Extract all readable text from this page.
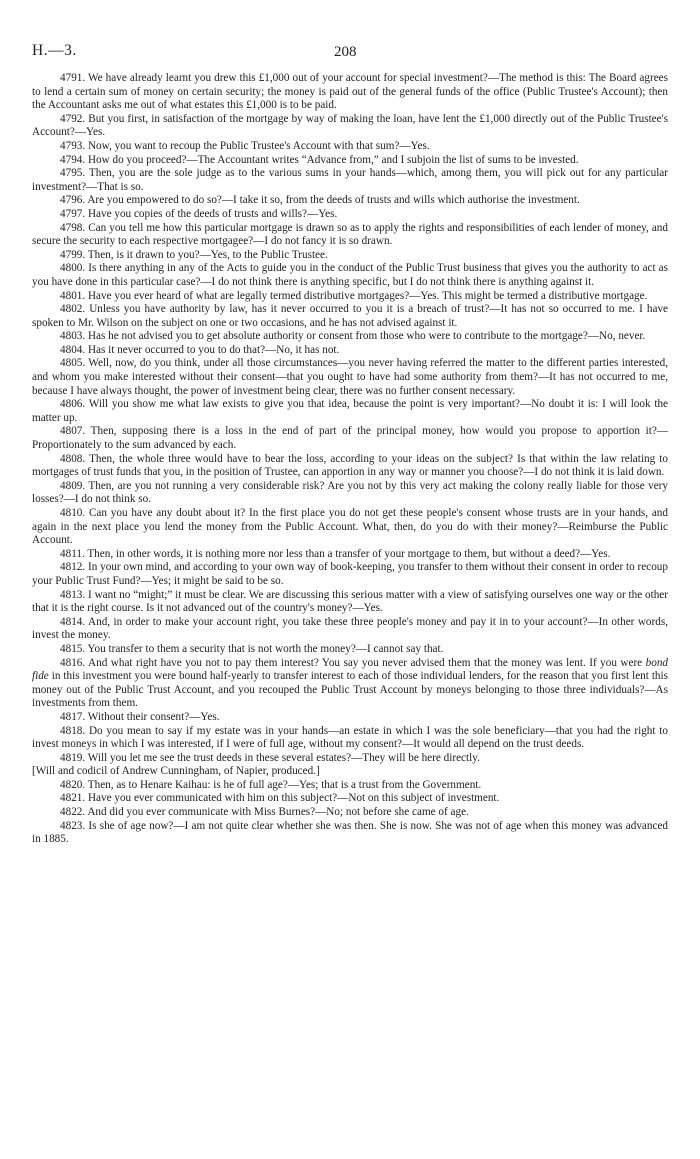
H.—3.	208

4791. We have already learnt you drew this £1,000 out of your account for special investment?—The method is this: The Board agrees to lend a certain sum of money on certain security; the money is paid out of the general funds of the office (Public Trustee's Account); then the Accountant asks me out of what estates this £1,000 is to be paid.

4792. But you first, in satisfaction of the mortgage by way of making the loan, have lent the £1,000 directly out of the Public Trustee's Account?—Yes.

4793. Now, you want to recoup the Public Trustee's Account with that sum?—Yes.

4794. How do you proceed?—The Accountant writes “Advance from,” and I subjoin the list of sums to be invested.

4795. Then, you are the sole judge as to the various sums in your hands—which, among them, you will pick out for any particular investment?—That is so.

4796. Are you empowered to do so?—I take it so, from the deeds of trusts and wills which authorise the investment.

4797. Have you copies of the deeds of trusts and wills?—Yes.

4798. Can you tell me how this particular mortgage is drawn so as to apply the rights and responsibilities of each lender of money, and secure the security to each respective mortgagee?—I do not fancy it is so drawn.

4799. Then, is it drawn to you?—Yes, to the Public Trustee.

4800. Is there anything in any of the Acts to guide you in the conduct of the Public Trust business that gives you the authority to act as you have done in this particular case?—I do not think there is anything specific, but I do not think there is anything against it.

4801. Have you ever heard of what are legally termed distributive mortgages?—Yes. This might be termed a distributive mortgage.

4802. Unless you have authority by law, has it never occurred to you it is a breach of trust?—It has not so occurred to me. I have spoken to Mr. Wilson on the subject on one or two occasions, and he has not advised against it.

4803. Has he not advised you to get absolute authority or consent from those who were to contribute to the mortgage?—No, never.

4804. Has it never occurred to you to do that?—No, it has not.

4805. Well, now, do you think, under all those circumstances—you never having referred the matter to the different parties interested, and whom you make interested without their consent—that you ought to have had some authority from them?—It has not occurred to me, because I have always thought, the power of investment being clear, there was no further consent necessary.

4806. Will you show me what law exists to give you that idea, because the point is very important?—No doubt it is: I will look the matter up.

4807. Then, supposing there is a loss in the end of part of the principal money, how would you propose to apportion it?—Proportionately to the sum advanced by each.

4808. Then, the whole three would have to bear the loss, according to your ideas on the subject? Is that within the law relating to mortgages of trust funds that you, in the position of Trustee, can apportion in any way or manner you choose?—I do not think it is laid down.

4809. Then, are you not running a very considerable risk? Are you not by this very act making the colony really liable for those very losses?—I do not think so.

4810. Can you have any doubt about it? In the first place you do not get these people's consent whose trusts are in your hands, and again in the next place you lend the money from the Public Account. What, then, do you do with their money?—Reimburse the Public Account.

4811. Then, in other words, it is nothing more nor less than a transfer of your mortgage to them, but without a deed?—Yes.

4812. In your own mind, and according to your own way of book-keeping, you transfer to them without their consent in order to recoup your Public Trust Fund?—Yes; it might be said to be so.

4813. I want no “might;” it must be clear. We are discussing this serious matter with a view of satisfying ourselves one way or the other that it is the right course. Is it not advanced out of the country's money?—Yes.

4814. And, in order to make your account right, you take these three people's money and pay it in to your account?—In other words, invest the money.

4815. You transfer to them a security that is not worth the money?—I cannot say that.

4816. And what right have you not to pay them interest? You say you never advised them that the money was lent. If you were bond fide in this investment you were bound half-yearly to transfer interest to each of those individual lenders, for the reason that you first lent this money out of the Public Trust Account, and you recouped the Public Trust Account by moneys belonging to those three individuals?—As investments from them.

4817. Without their consent?—Yes.

4818. Do you mean to say if my estate was in your hands—an estate in which I was the sole beneficiary—that you had the right to invest moneys in which I was interested, if I were of full age, without my consent?—It would all depend on the trust deeds.

4819. Will you let me see the trust deeds in these several estates?—They will be here directly.

[Will and codicil of Andrew Cunningham, of Napier, produced.]

4820. Then, as to Henare Kaihau: is he of full age?—Yes; that is a trust from the Government.

4821. Have you ever communicated with him on this subject?—Not on this subject of investment.

4822. And did you ever communicate with Miss Burnes?—No; not before she came of age.

4823. Is she of age now?—I am not quite clear whether she was then. She is now. She was not of age when this money was advanced in 1885.
